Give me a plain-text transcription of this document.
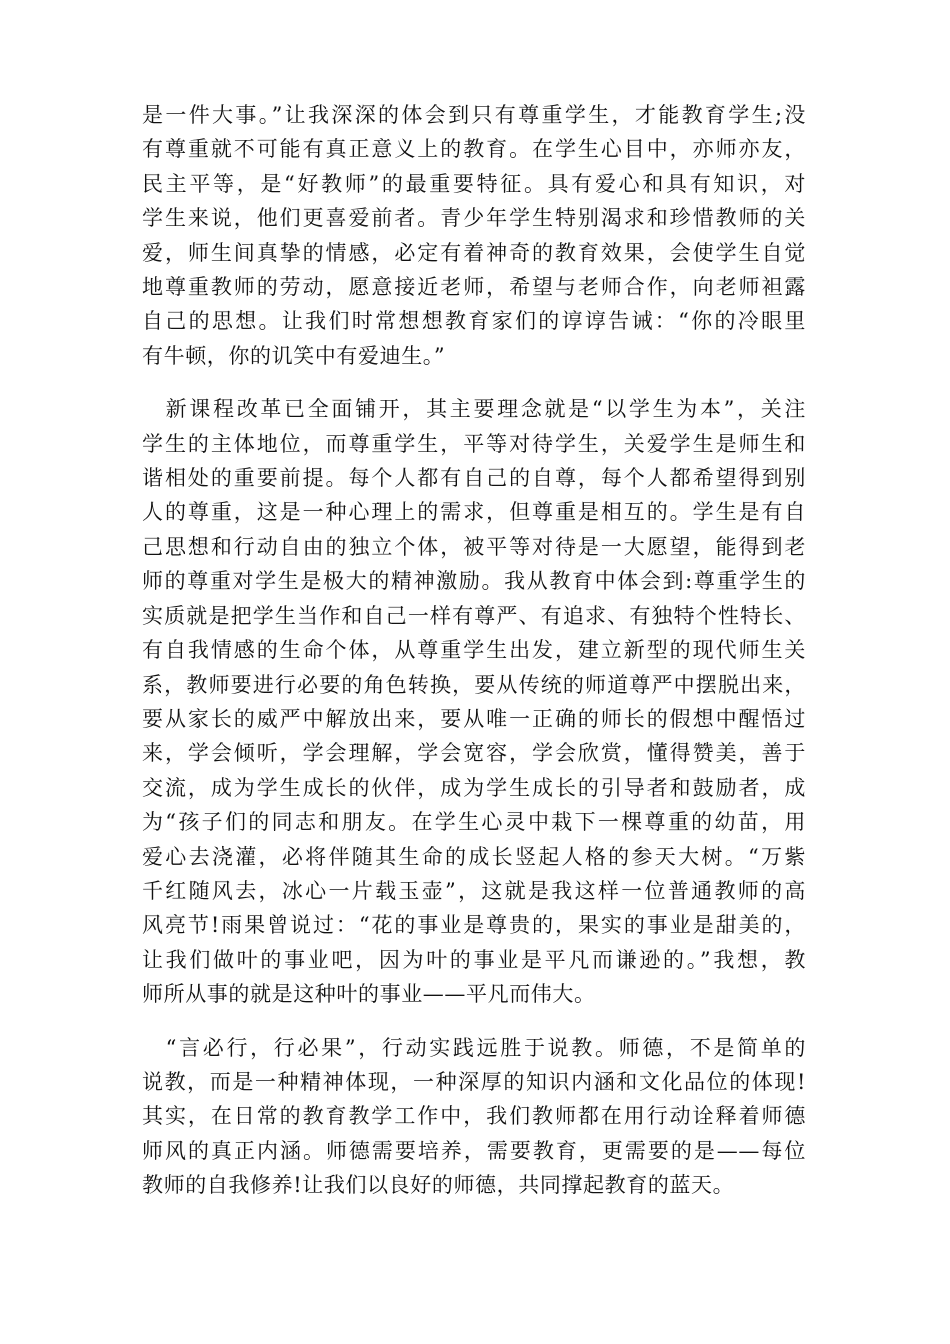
是一件大事。”让我深深的体会到只有尊重学生，才能教育学生;没
有尊重就不可能有真正意义上的教育。在学生心目中，亦师亦友，
民主平等，是“好教师”的最重要特征。具有爱心和具有知识，对
学生来说，他们更喜爱前者。青少年学生特别渴求和珍惜教师的关
爱，师生间真挚的情感，必定有着神奇的教育效果，会使学生自觉
地尊重教师的劳动，愿意接近老师，希望与老师合作，向老师袒露
自己的思想。让我们时常想想教育家们的谆谆告诫：“你的冷眼里
有牛顿，你的讥笑中有爱迪生。”

　新课程改革已全面铺开，其主要理念就是“以学生为本”，关注
学生的主体地位，而尊重学生，平等对待学生，关爱学生是师生和
谐相处的重要前提。每个人都有自己的自尊，每个人都希望得到别
人的尊重，这是一种心理上的需求，但尊重是相互的。学生是有自
己思想和行动自由的独立个体，被平等对待是一大愿望，能得到老
师的尊重对学生是极大的精神激励。我从教育中体会到:尊重学生的
实质就是把学生当作和自己一样有尊严、有追求、有独特个性特长、
有自我情感的生命个体，从尊重学生出发，建立新型的现代师生关
系，教师要进行必要的角色转换，要从传统的师道尊严中摆脱出来，
要从家长的威严中解放出来，要从唯一正确的师长的假想中醒悟过
来，学会倾听，学会理解，学会宽容，学会欣赏，懂得赞美，善于
交流，成为学生成长的伙伴，成为学生成长的引导者和鼓励者，成
为“孩子们的同志和朋友。在学生心灵中栽下一棵尊重的幼苗，用
爱心去浇灌，必将伴随其生命的成长竖起人格的参天大树。“万紫
千红随风去，冰心一片载玉壶”，这就是我这样一位普通教师的高
风亮节!雨果曾说过：“花的事业是尊贵的，果实的事业是甜美的，
让我们做叶的事业吧，因为叶的事业是平凡而谦逊的。”我想，教
师所从事的就是这种叶的事业——平凡而伟大。

　“言必行，行必果”，行动实践远胜于说教。师德，不是简单的
说教，而是一种精神体现，一种深厚的知识内涵和文化品位的体现!
其实，在日常的教育教学工作中，我们教师都在用行动诠释着师德
师风的真正内涵。师德需要培养，需要教育，更需要的是——每位
教师的自我修养!让我们以良好的师德，共同撑起教育的蓝天。
